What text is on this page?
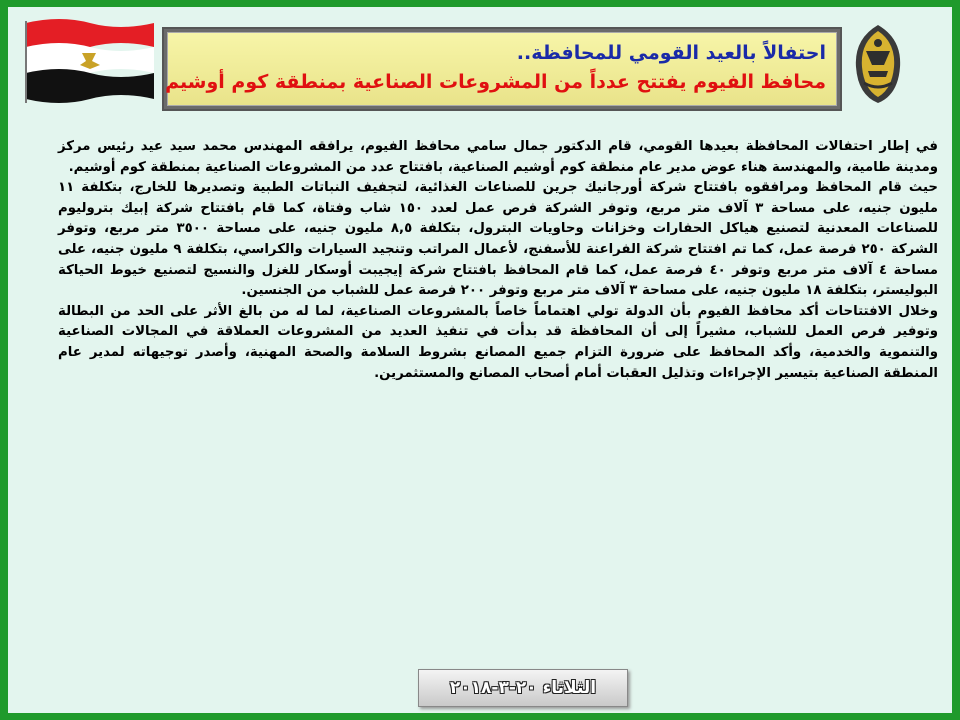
احتفالاً بالعيد القومي للمحافظة..
محافظ الفيوم يفتتح عدداً من المشروعات الصناعية بمنطقة كوم أوشيم

في إطار احتفالات المحافظة بعيدها القومي، قام الدكتور جمال سامي محافظ الفيوم، يرافقه المهندس محمد سيد عيد رئيس مركز ومدينة طامية، والمهندسة هناء عوض مدير عام منطقة كوم أوشيم الصناعية، بافتتاح عدد من المشروعات الصناعية بمنطقة كوم أوشيم.

حيث قام المحافظ ومرافقوه بافتتاح شركة أورجانيك جرين للصناعات الغذائية، لتجفيف النباتات الطبية وتصديرها للخارج، بتكلفة ١١ مليون جنيه، على مساحة ٣ آلاف متر مربع، وتوفر الشركة فرص عمل لعدد ١٥٠ شاب وفتاة، كما قام بافتتاح شركة إبيك بتروليوم للصناعات المعدنية لتصنيع هياكل الحفارات وخزانات وحاويات البترول، بتكلفة ٨,٥ مليون جنيه، على مساحة ٣٥٠٠ متر مربع، وتوفر الشركة ٢٥٠ فرصة عمل، كما تم افتتاح شركة الفراعنة للأسفنج، لأعمال المراتب وتنجيد السيارات والكراسي، بتكلفة ٩ مليون جنيه، على مساحة ٤ آلاف متر مربع وتوفر ٤٠ فرصة عمل، كما قام المحافظ بافتتاح شركة إيجيبت أوسكار للغزل والنسيج لتصنيع خيوط الحياكة البوليستر، بتكلفة ١٨ مليون جنيه، على مساحة ٣ آلاف متر مربع وتوفر ٢٠٠ فرصة عمل للشباب من الجنسين.

وخلال الافتتاحات أكد محافظ الفيوم بأن الدولة تولي اهتماماً خاصاً بالمشروعات الصناعية، لما له من بالغ الأثر على الحد من البطالة وتوفير فرص العمل للشباب، مشيراً إلى أن المحافظة قد بدأت في تنفيذ العديد من المشروعات العملاقة في المجالات الصناعية والتنموية والخدمية، وأكد المحافظ على ضرورة التزام جميع المصانع بشروط السلامة والصحة المهنية، وأصدر توجيهاته لمدير عام المنطقة الصناعية بتيسير الإجراءات وتذليل العقبات أمام أصحاب المصانع والمستثمرين.

الثلاثاء ٢٠-٣-٢٠١٨
